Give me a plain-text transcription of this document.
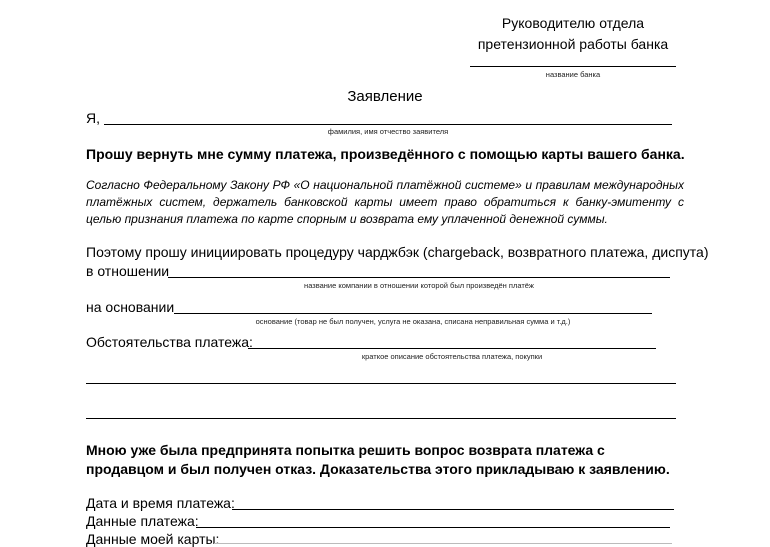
Руководителю отдела
претензионной работы банка
название банка
Заявление
Я,
фамилия, имя отчество заявителя
Прошу вернуть мне сумму платежа, произведённого с помощью карты вашего банка.
Согласно Федеральному Закону РФ «О национальной платёжной системе» и правилам международных платёжных систем, держатель банковской карты имеет право обратиться к банку-эмитенту с целью признания платежа по карте спорным и возврата ему уплаченной денежной суммы.
Поэтому прошу инициировать процедуру чарджбэк (chargeback, возвратного платежа, диспута)
в отношении
название компании в отношении которой был произведён платёж
на основании
основание (товар не был получен, услуга не оказана, списана неправильная сумма и т.д.)
Обстоятельства платежа:
краткое описание обстоятельства платежа, покупки
Мною уже была предпринята попытка решить вопрос возврата платежа с продавцом и был получен отказ. Доказательства этого прикладываю к заявлению.
Дата и время платежа:
Данные платежа:
Данные моей карты:
